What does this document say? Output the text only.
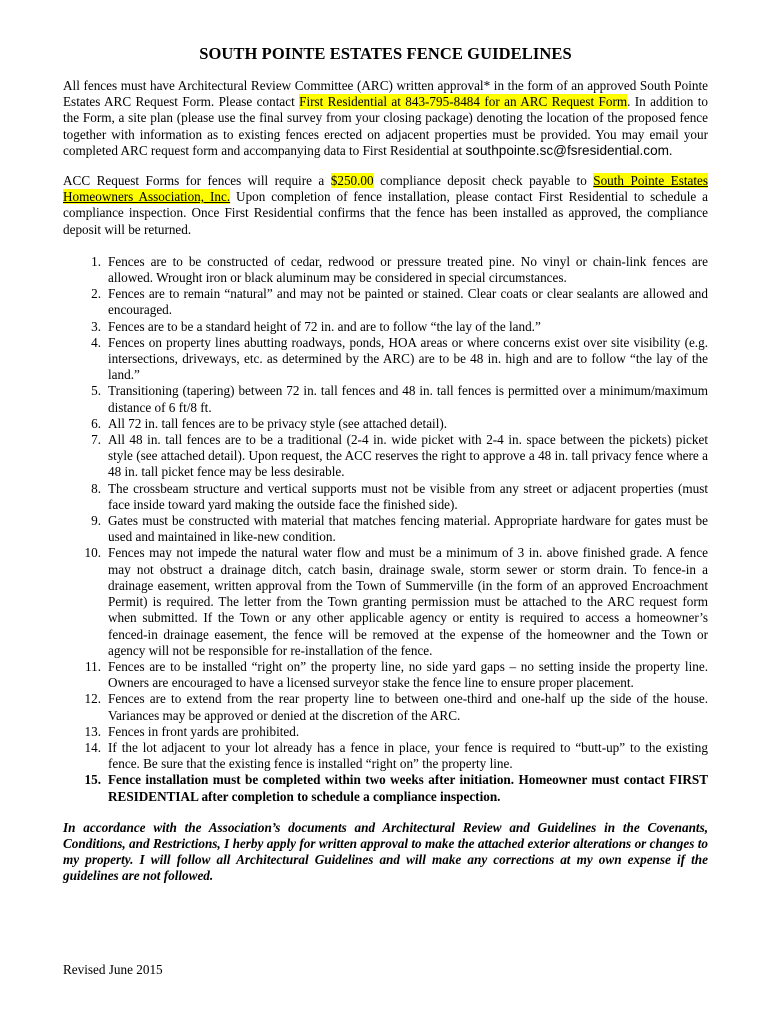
SOUTH POINTE ESTATES FENCE GUIDELINES

All fences must have Architectural Review Committee (ARC) written approval* in the form of an approved South Pointe Estates ARC Request Form. Please contact First Residential at 843-795-8484 for an ARC Request Form. In addition to the Form, a site plan (please use the final survey from your closing package) denoting the location of the proposed fence together with information as to existing fences erected on adjacent properties must be provided. You may email your completed ARC request form and accompanying data to First Residential at southpointe.sc@fsresidential.com.

ACC Request Forms for fences will require a $250.00 compliance deposit check payable to South Pointe Estates Homeowners Association, Inc. Upon completion of fence installation, please contact First Residential to schedule a compliance inspection. Once First Residential confirms that the fence has been installed as approved, the compliance deposit will be returned.

1. Fences are to be constructed of cedar, redwood or pressure treated pine. No vinyl or chain-link fences are allowed. Wrought iron or black aluminum may be considered in special circumstances.
2. Fences are to remain “natural” and may not be painted or stained. Clear coats or clear sealants are allowed and encouraged.
3. Fences are to be a standard height of 72 in. and are to follow “the lay of the land.”
4. Fences on property lines abutting roadways, ponds, HOA areas or where concerns exist over site visibility (e.g. intersections, driveways, etc. as determined by the ARC) are to be 48 in. high and are to follow “the lay of the land.”
5. Transitioning (tapering) between 72 in. tall fences and 48 in. tall fences is permitted over a minimum/maximum distance of 6 ft/8 ft.
6. All 72 in. tall fences are to be privacy style (see attached detail).
7. All 48 in. tall fences are to be a traditional (2-4 in. wide picket with 2-4 in. space between the pickets) picket style (see attached detail). Upon request, the ACC reserves the right to approve a 48 in. tall privacy fence where a 48 in. tall picket fence may be less desirable.
8. The crossbeam structure and vertical supports must not be visible from any street or adjacent properties (must face inside toward yard making the outside face the finished side).
9. Gates must be constructed with material that matches fencing material. Appropriate hardware for gates must be used and maintained in like-new condition.
10. Fences may not impede the natural water flow and must be a minimum of 3 in. above finished grade. A fence may not obstruct a drainage ditch, catch basin, drainage swale, storm sewer or storm drain. To fence-in a drainage easement, written approval from the Town of Summerville (in the form of an approved Encroachment Permit) is required. The letter from the Town granting permission must be attached to the ARC request form when submitted. If the Town or any other applicable agency or entity is required to access a homeowner’s fenced-in drainage easement, the fence will be removed at the expense of the homeowner and the Town or agency will not be responsible for re-installation of the fence.
11. Fences are to be installed “right on” the property line, no side yard gaps – no setting inside the property line. Owners are encouraged to have a licensed surveyor stake the fence line to ensure proper placement.
12. Fences are to extend from the rear property line to between one-third and one-half up the side of the house. Variances may be approved or denied at the discretion of the ARC.
13. Fences in front yards are prohibited.
14. If the lot adjacent to your lot already has a fence in place, your fence is required to “butt-up” to the existing fence. Be sure that the existing fence is installed “right on” the property line.
15. Fence installation must be completed within two weeks after initiation. Homeowner must contact FIRST RESIDENTIAL after completion to schedule a compliance inspection.

In accordance with the Association’s documents and Architectural Review and Guidelines in the Covenants, Conditions, and Restrictions, I herby apply for written approval to make the attached exterior alterations or changes to my property. I will follow all Architectural Guidelines and will make any corrections at my own expense if the guidelines are not followed.

Revised June 2015
